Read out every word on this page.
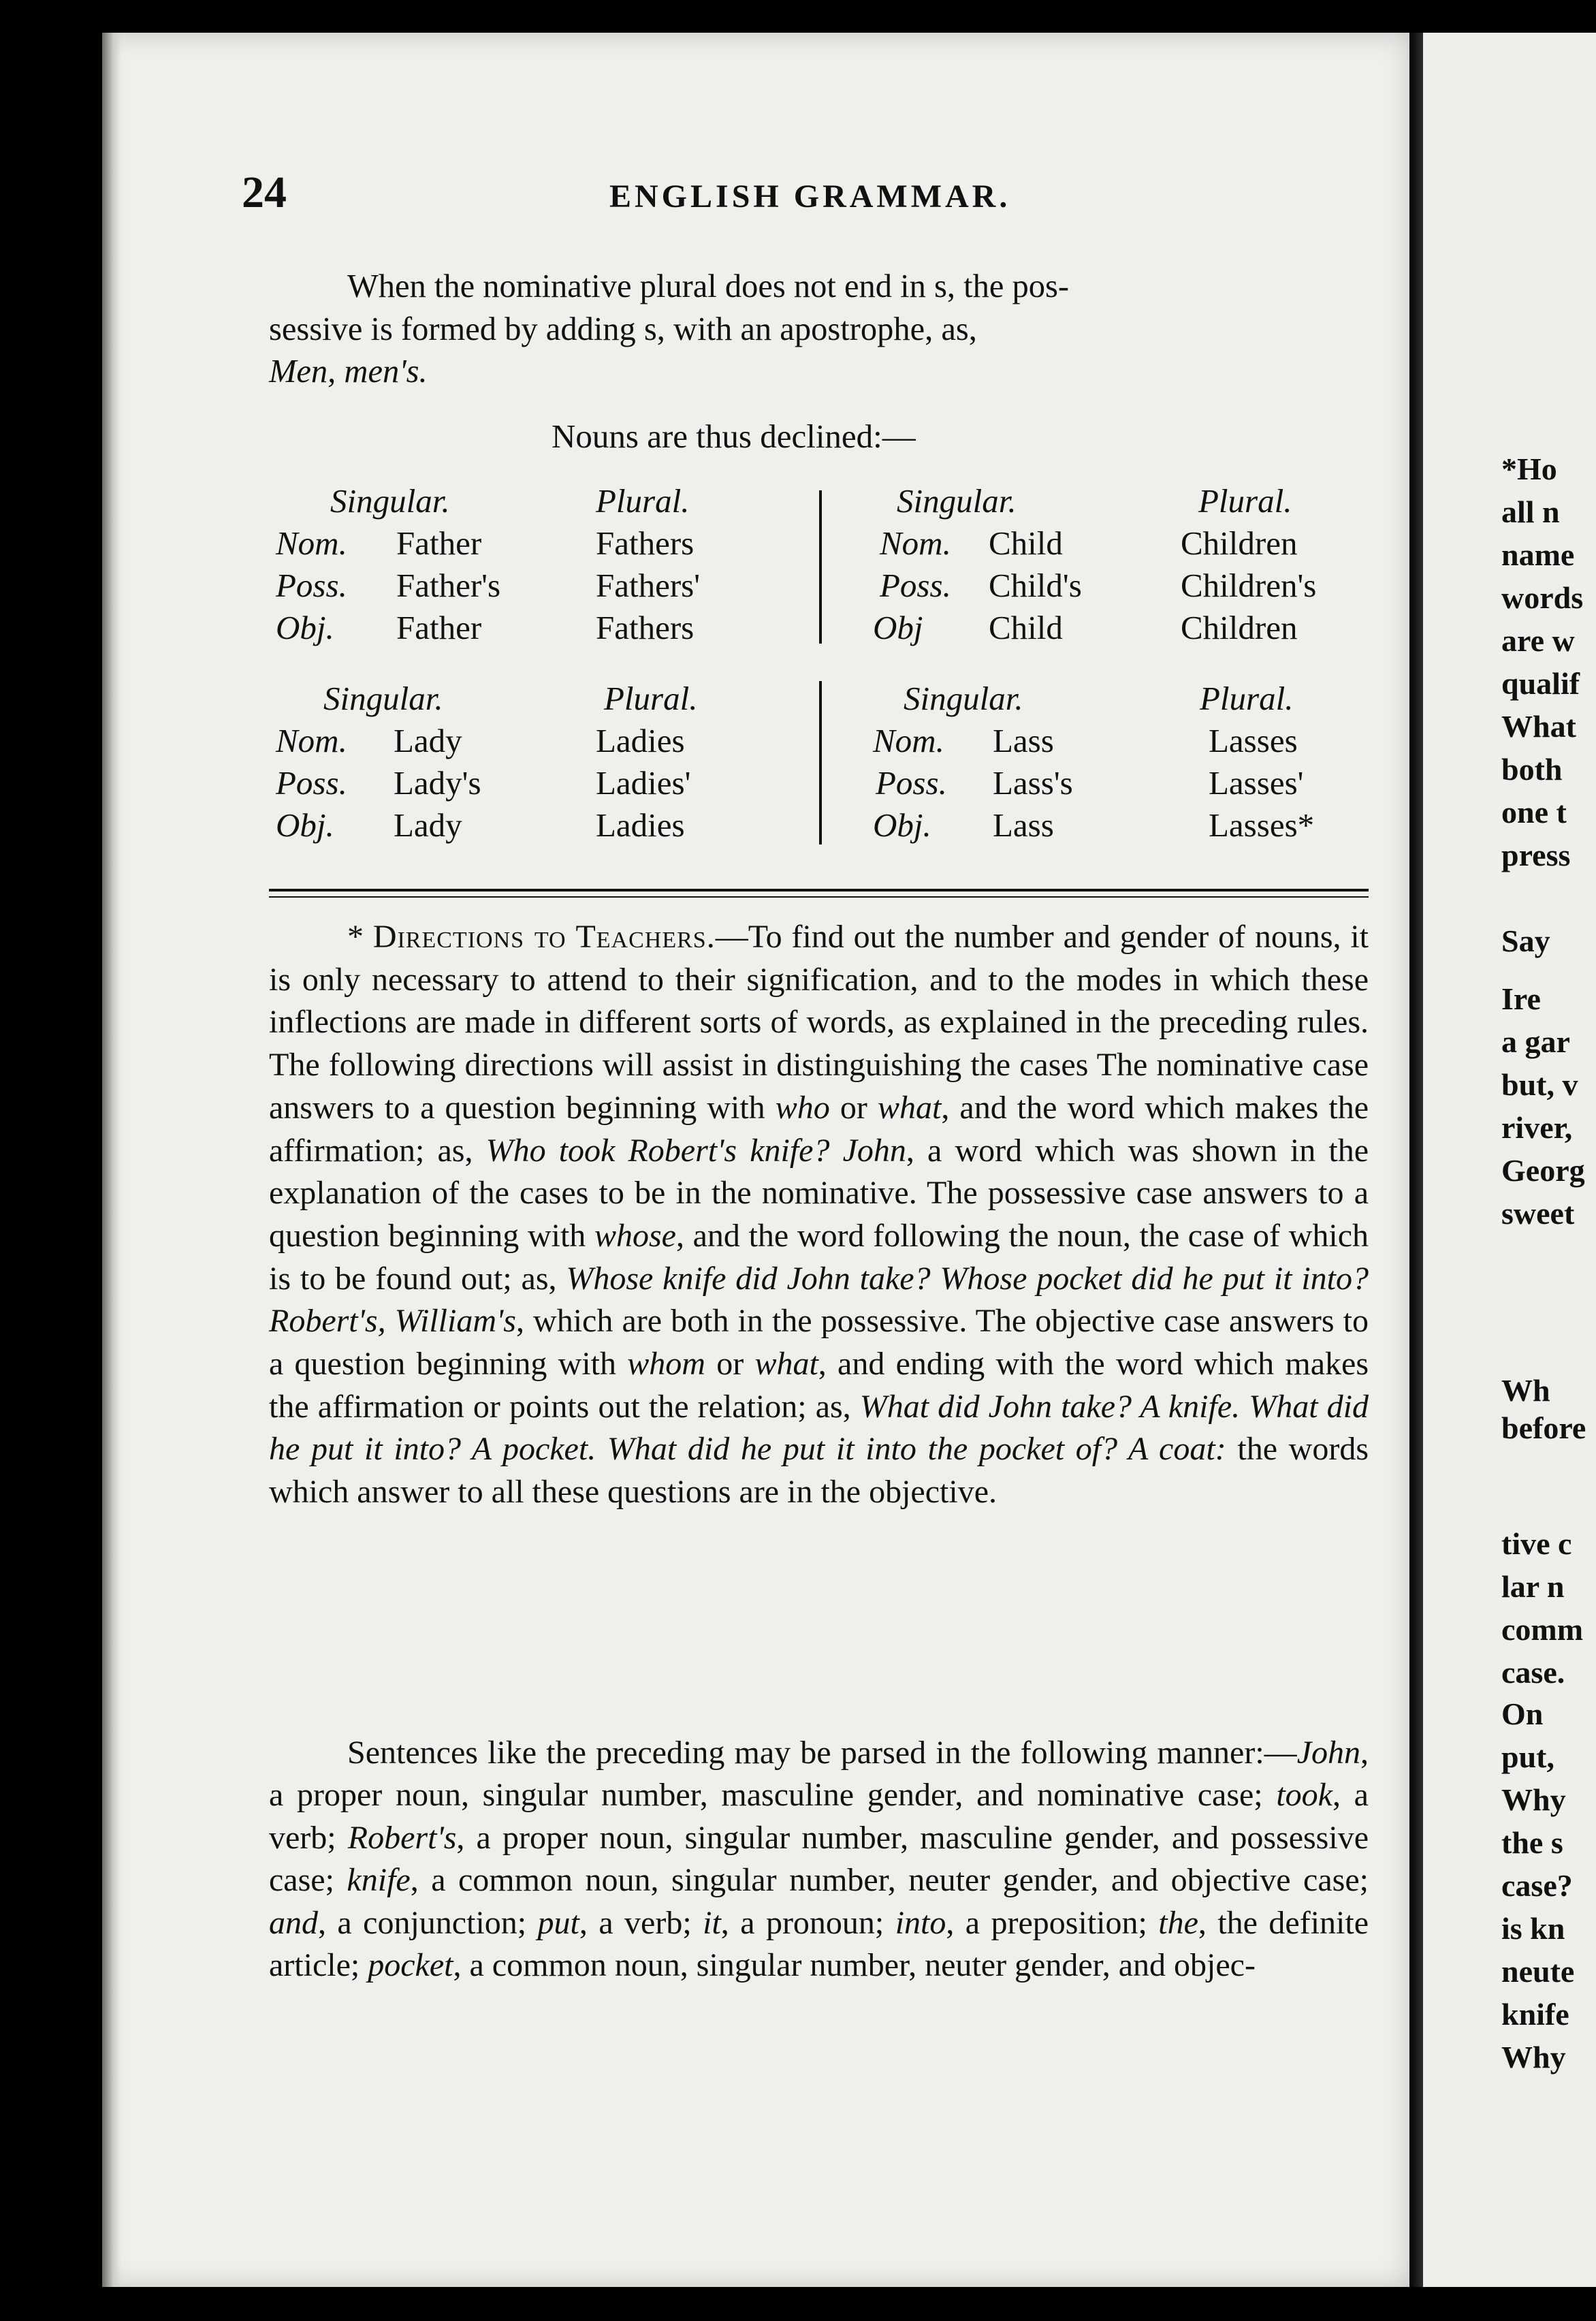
24	ENGLISH GRAMMAR.

When the nominative plural does not end in s, the pos-

sessive is formed by adding s, with an apostrophe, as,

Men, men's.

Nouns are thus declined:—
Singular.	Plural.
Nom. Father	Fathers
Poss. Father's	Fathers'
Obj. Father	Fathers
Singular.	Plural.
Nom. Child	Children
Poss. Child's	Children's
Obj Child	Children
Singular.	Plural.
Nom. Lady	Ladies
Poss. Lady's	Ladies'
Obj. Lady	Ladies
Singular.	Plural.
Nom. Lass	Lasses
Poss. Lass's	Lasses'
Obj. Lass	Lasses*

* Directions to Teachers.—To find out the number and gender of nouns, it is only necessary to attend to their signification, and to the modes in which these inflections are made in different sorts of words, as explained in the preceding rules. The following directions will assist in distinguishing the cases The nominative case answers to a question beginning with who or what, and the word which makes the affirmation; as, Who took Robert's knife? John, a word which was shown in the explanation of the cases to be in the nominative. The possessive case answers to a question beginning with whose, and the word following the noun, the case of which is to be found out; as, Whose knife did John take? Whose pocket did he put it into? Robert's, William's, which are both in the possessive. The objective case answers to a question beginning with whom or what, and ending with the word which makes the affirmation or points out the relation; as, What did John take? A knife. What did he put it into? A pocket. What did he put it into the pocket of? A coat: the words which answer to all these questions are in the objective.

Sentences like the preceding may be parsed in the following manner:—John, a proper noun, singular number, masculine gender, and nominative case; took, a verb; Robert's, a proper noun, singular number, masculine gender, and possessive case; knife, a common noun, singular number, neuter gender, and objective case; and, a conjunction; put, a verb; it, a pronoun; into, a preposition; the, the definite article; pocket, a common noun, singular number, neuter gender, and objec-

*Ho
all n
name
words
are w
qualif
What
both
one t
press
Say
Ire
a gar
but, v
river,
Georg
sweet
Wh
before
tive c
lar n
comm
case.
On
put,
Why
the s
case?
is kn
neute
knife
Why
